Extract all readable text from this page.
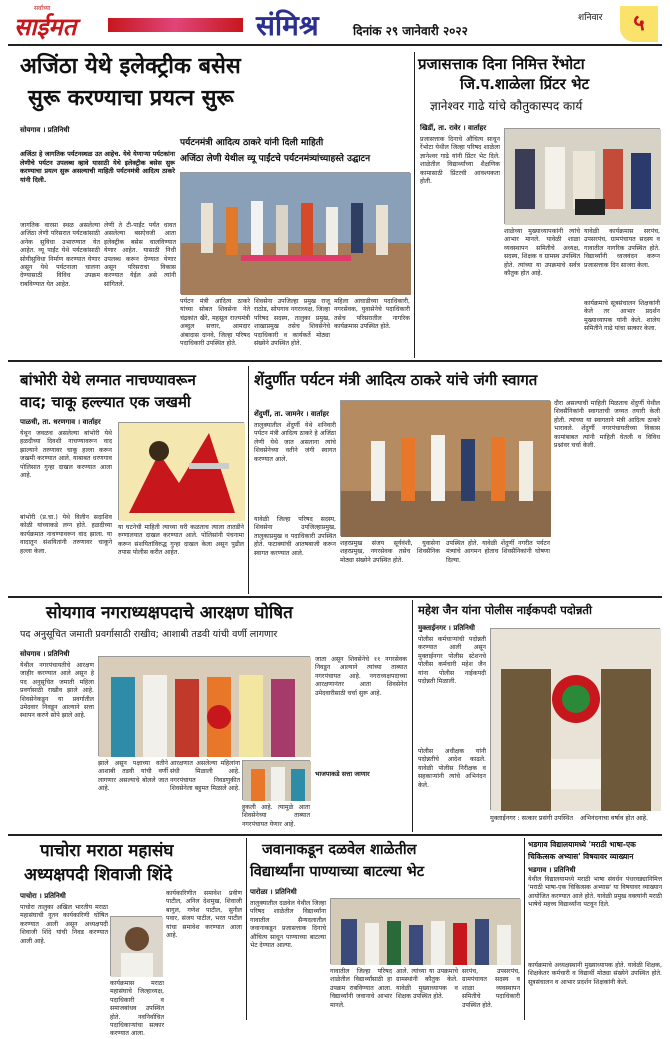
सर्वांच्या
साईमत	संमिश्र	दिनांक २९ जानेवारी २०२२
शनिवार	५
अजिंठा येथे इलेक्ट्रीक बसेस
सुरू करण्याचा प्रयत्न सुरू
सोयगाव । प्रतिनिधी
पर्यटनमंत्री आदित्य ठाकरे यांनी दिली माहिती
अजिंठा लेणी येथील व्यू पाईंटचे पर्यटनमंत्र्यांच्याहस्ते उद्घाटन
अजिंठा हे जागतिक पर्यटनस्थळ उत आहेच. येथे येणाऱ्या पर्यटकांना लेणीचे पर्यटन उपलब्ध व्हावे यासाठी येथे इलेक्ट्रीक बसेस सुरू करण्याचा प्रयत्न सुरू असल्याची माहिती पर्यटनमंत्री आदित्य ठाकरे यांनी दिली.
जागतिक वारसा स्थळ असलेल्या अजिंठा लेणी परिसरात पर्यटकांसाठी अनेक सुविधा उभारण्यात येत आहेत. व्यू पाईंट येथे पर्यटकांसाठी सोयीसुविधा निर्माण करण्यात येणार असून येथे पर्यटनाला चालना देण्यासाठी विविध उपक्रम राबविण्यात येत आहेत.
लेणी ते टी-पाईंट पर्यंत धावत असलेल्या बसऐवजी आता इलेक्ट्रीक बसेस चालविण्यात येणार आहेत. यासाठी निधी उपलब्ध करून देण्यात येणार असून परिसराचा विकास करण्यात येईल असे त्यांनी सांगितले.
पर्यटन मंत्री आदित्य ठाकरे यांच्या सोबत शिवसेना नेते चंद्रकांत खैरे, महसूल राज्यमंत्री अब्दुल सत्तार, आमदार अंबादास दानवे, जिल्हा परिषद पदाधिकारी उपस्थित होते.
शिवसेना उपजिल्हा प्रमुख राजू राठोड, सोयगाव नगराध्यक्ष, जिल्हा परिषद सदस्य, तालुका प्रमुख, शाखाप्रमुख तसेच शिवसेनेचे पदाधिकारी व कार्यकर्ते मोठ्या संख्येने उपस्थित होते.
महिला आघाडीच्या पदाधिकारी, नगरसेवक, युवासेनेचे पदाधिकारी तसेच परिसरातील नागरिक कार्यक्रमास उपस्थित होते.
प्रजासत्ताक दिना निमित्त रेंभोटा
जि.प.शाळेला प्रिंटर भेट
ज्ञानेश्वर गाढे यांचे कौतुकास्पद कार्य
खिर्डी, ता. रावेर । वार्ताहर
प्रजासत्ताक दिनाचे औचित्य साधून रेंभोटा येथील जिल्हा परिषद शाळेला ज्ञानेश्वर गाढे यांनी प्रिंटर भेट दिले. शाळेतील विद्यार्थ्यांच्या शैक्षणिक कामासाठी प्रिंटरची आवश्यकता होती.
शाळेच्या मुख्याध्यापकांनी त्यांचे आभार मानले. यावेळी शाळा व्यवस्थापन समितीचे अध्यक्ष, सदस्य, शिक्षक व ग्रामस्थ उपस्थित होते. त्यांच्या या उपक्रमाचे सर्वत्र कौतुक होत आहे.
यावेळी कार्यक्रमास सरपंच, उपसरपंच, ग्रामपंचायत सदस्य व गावातील नागरिक उपस्थित होते. विद्यार्थ्यांनी ध्वजवंदन करून प्रजासत्ताक दिन साजरा केला.
कार्यक्रमाचे सूत्रसंचालन शिक्षकांनी केले तर आभार प्रदर्शन मुख्याध्यापक यांनी केले. शालेय समितीने गाढे यांचा सत्कार केला.
बांभोरी येथे लग्नात नाचण्यावरून
वाद; चाकू हल्ल्यात एक जखमी
पाळधी, ता. धरणगाव । वार्ताहर
येथून जवळच असलेल्या बांभोरी येथे हळदीच्या दिवशी नाचण्यावरून वाद झाल्याने तरुणावर चाकू हल्ला करून जखमी करण्यात आले. याबाबत धरणगाव पोलिसात गुन्हा दाखल करण्यात आला आहे.
बांभोरी (प्र.चा.) येथे विलीन सदाशिव कोळी यांच्याकडे लग्न होते. हळदीच्या कार्यक्रमात नाचण्यावरून वाद झाला. या वादातून संशयितांनी तरुणावर चाकूने हल्ला केला.
या घटनेची माहिती त्याच्या घरी कळताच त्याला तातडीने रुग्णालयात दाखल करण्यात आले. पोलिसांनी पंचनामा करून संशयितांविरुद्ध गुन्हा दाखल केला असून पुढील तपास पोलीस करीत आहेत.
शेंदुर्णीत पर्यटन मंत्री आदित्य ठाकरे यांचे जंगी स्वागत
शेंदुर्णी, ता. जामनेर । वार्ताहर
तालुक्यातील शेंदुर्णी येथे शनिवारी पर्यटन मंत्री आदित्य ठाकरे हे अजिंठा लेणी येथे जात असताना त्यांचे शिवसेनेच्या वतीने जंगी स्वागत करण्यात आले.
यावेळी जिल्हा परिषद सदस्य, शिवसेना उपजिल्हाप्रमुख, तालुकाप्रमुख व पदाधिकारी उपस्थित होते. फटाक्यांची आतषबाजी करून स्वागत करण्यात आले.
शहरप्रमुख संजय सूर्यवंशी, युवासेना शहरप्रमुख, नगरसेवक तसेच शिवसैनिक मोठ्या संख्येने उपस्थित होते.
उपस्थित होते. यावेळी शेंदुर्णी नगरीत पर्यटन मंत्र्यांचे आगमन होताच शिवसैनिकांनी घोषणा दिल्या.
दौरा असल्याची माहिती मिळताच शेंदुर्णी येथील शिवसैनिकांनी स्वागताची जय्यत तयारी केली होती. त्यांच्या या स्वागताने मंत्री आदित्य ठाकरे भारावले. शेंदुर्णी नगरपंचायतीच्या विकास कामांबाबत त्यांनी माहिती घेतली व विविध प्रश्नांवर चर्चा केली.
सोयगाव नगराध्यक्षपदाचे आरक्षण घोषित
पद अनुसूचित जमाती प्रवर्गासाठी राखीव; आशाबी तडवी यांची वर्णी लागणार
सोयगाव । प्रतिनिधी
येथील नगरपंचायतीचे आरक्षण जाहीर करण्यात आले असून हे पद अनुसूचित जमाती महिला प्रवर्गासाठी राखीव झाले आहे. शिवसेनेकडून या प्रवर्गातील उमेदवार निवडून आल्याने सत्ता स्थापन करणे सोपे झाले आहे.
झाले असून पक्षाच्या वतीने आशाबी तडवी यांची वर्णी लागणार असल्याचे बोलले जात आहे.
आरक्षणात असलेल्या महिलांना संधी मिळाली आहे. नगरपंचायत निवडणुकीत शिवसेनेला बहुमत मिळाले आहे.
भाजपाकडे सत्ता जाणार
हुकली आहे. त्यामुळे आता शिवसेनेच्या ताब्यात नगरपंचायत येणार आहे.
जाता असून शिवसेनेचे ११ नगरसेवक निवडून आल्याने त्यांच्या ताब्यात नगरपंचायत आहे. नगराध्यक्षपदाच्या आरक्षणानंतर आता शिवसेनेत उमेदवारीसाठी चर्चा सुरू आहे.
महेश जैन यांना पोलीस नाईकपदी पदोन्नती
मुक्ताईनगर । प्रतिनिधी
पोलीस कर्मचाऱ्यांची पदोन्नती करण्यात आली असून मुक्ताईनगर पोलीस स्टेशनचे पोलीस कर्मचारी महेश जैन यांना पोलीस नाईकपदी पदोन्नती मिळाली.
पोलीस अधीक्षक यांनी पदोन्नतीचे आदेश काढले. यावेळी पोलीस निरीक्षक व सहकाऱ्यांनी त्यांचे अभिनंदन केले.
मुक्ताईनगर : सत्कार प्रसंगी उपस्थित	अभिनंदनाचा वर्षाव होत आहे.
पाचोरा मराठा महासंघ
अध्यक्षपदी शिवाजी शिंदे
पाचोरा । प्रतिनिधी
पाचोरा तालुका अखिल भारतीय मराठा महासंघाची नूतन कार्यकारिणी घोषित करण्यात आली असून अध्यक्षपदी शिवाजी शिंदे यांची निवड करण्यात आली आहे.
कार्यकारिणीत समावेश प्रवीण पाटील, अनिल देशमुख, शिवाजी बागुल, गणेश पाटील, सुनील पवार, संजय पाटील, भरत पाटील यांचा समावेश करण्यात आला आहे.
कार्यक्रमास मराठा महासंघाचे जिल्हाध्यक्ष, पदाधिकारी व समाजबांधव उपस्थित होते. नवनिर्वाचित पदाधिकाऱ्यांचा सत्कार करण्यात आला.
जवानाकडून दळवेल शाळेतील
विद्यार्थ्यांना पाण्याच्या बाटल्या भेट
पारोळा । प्रतिनिधी
तालुक्यातील दळवेल येथील जिल्हा परिषद शाळेतील विद्यार्थ्यांना गावातील सैन्यदलातील जवानाकडून प्रजासत्ताक दिनाचे औचित्य साधून पाण्याच्या बाटल्या भेट देण्यात आल्या.
गावातील जिल्हा परिषद शाळेतील विद्यार्थ्यांसाठी हा उपक्रम राबविण्यात आला. विद्यार्थ्यांनी जवानाचे आभार मानले.
आले. त्यांच्या या उपक्रमाचे ग्रामस्थांनी कौतुक केले. यावेळी मुख्याध्यापक व शिक्षक उपस्थित होते.
सरपंच, उपसरपंच, ग्रामपंचायत सदस्य व शाळा व्यवस्थापन समितीचे पदाधिकारी उपस्थित होते.
भडगाव विद्यालयामध्ये 'मराठी भाषा-एक
चिकित्सक अभ्यास' विषयावर व्याख्यान
भडगाव । प्रतिनिधी
येथील विद्यालयामध्ये मराठी भाषा संवर्धन पंधरवड्यानिमित्त 'मराठी भाषा-एक चिकित्सक अभ्यास' या विषयावर व्याख्यान आयोजित करण्यात आले होते. यावेळी प्रमुख वक्त्यांनी मराठी भाषेचे महत्त्व विद्यार्थ्यांना पटवून दिले.
कार्यक्रमाचे अध्यक्षस्थानी मुख्याध्यापक होते. यावेळी शिक्षक, शिक्षकेतर कर्मचारी व विद्यार्थी मोठ्या संख्येने उपस्थित होते. सूत्रसंचालन व आभार प्रदर्शन शिक्षकांनी केले.
